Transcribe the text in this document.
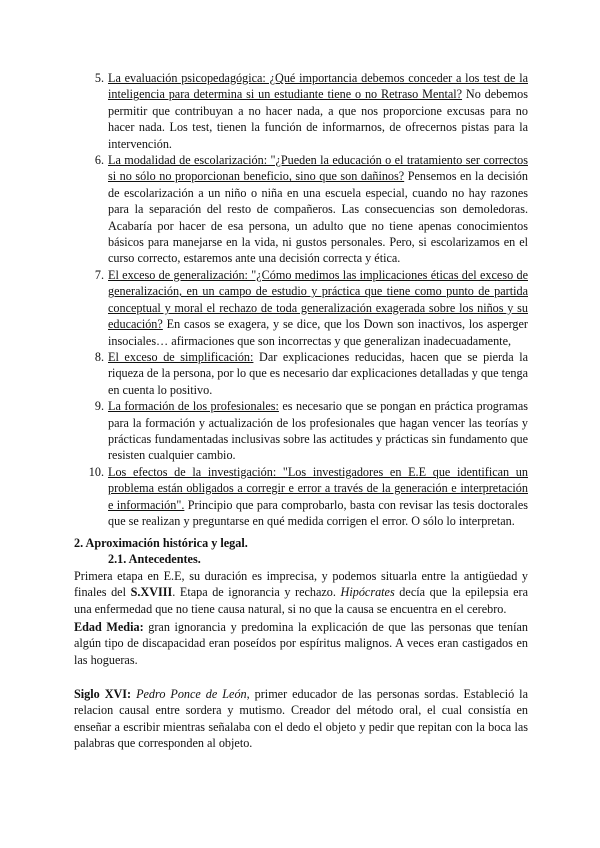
5. La evaluación psicopedagógica: ¿Qué importancia debemos conceder a los test de la inteligencia para determina si un estudiante tiene o no Retraso Mental? No debemos permitir que contribuyan a no hacer nada, a que nos proporcione excusas para no hacer nada. Los test, tienen la función de informarnos, de ofrecernos pistas para la intervención.
6. La modalidad de escolarización: "¿Pueden la educación o el tratamiento ser correctos si no sólo no proporcionan beneficio, sino que son dañinos? Pensemos en la decisión de escolarización a un niño o niña en una escuela especial, cuando no hay razones para la separación del resto de compañeros. Las consecuencias son demoledoras. Acabaría por hacer de esa persona, un adulto que no tiene apenas conocimientos básicos para manejarse en la vida, ni gustos personales. Pero, si escolarizamos en el curso correcto, estaremos ante una decisión correcta y ética.
7. El exceso de generalización: "¿Cómo medimos las implicaciones éticas del exceso de generalización, en un campo de estudio y práctica que tiene como punto de partida conceptual y moral el rechazo de toda generalización exagerada sobre los niños y su educación? En casos se exagera, y se dice, que los Down son inactivos, los asperger insociales… afirmaciones que son incorrectas y que generalizan inadecuadamente,
8. El exceso de simplificación: Dar explicaciones reducidas, hacen que se pierda la riqueza de la persona, por lo que es necesario dar explicaciones detalladas y que tenga en cuenta lo positivo.
9. La formación de los profesionales: es necesario que se pongan en práctica programas para la formación y actualización de los profesionales que hagan vencer las teorías y prácticas fundamentadas inclusivas sobre las actitudes y prácticas sin fundamento que resisten cualquier cambio.
10. Los efectos de la investigación: "Los investigadores en E.E que identifican un problema están obligados a corregir e error a través de la generación e interpretación e información". Principio que para comprobarlo, basta con revisar las tesis doctorales que se realizan y preguntarse en qué medida corrigen el error. O sólo lo interpretan.

2. Aproximación histórica y legal.

2.1. Antecedentes.

Primera etapa en E.E, su duración es imprecisa, y podemos situarla entre la antigüedad y finales del S.XVIII. Etapa de ignorancia y rechazo. Hipócrates decía que la epilepsia era una enfermedad que no tiene causa natural, si no que la causa se encuentra en el cerebro.

Edad Media: gran ignorancia y predomina la explicación de que las personas que tenían algún tipo de discapacidad eran poseídos por espíritus malignos. A veces eran castigados en las hogueras.

Siglo XVI: Pedro Ponce de León, primer educador de las personas sordas. Estableció la relacion causal entre sordera y mutismo. Creador del método oral, el cual consistía en enseñar a escribir mientras señalaba con el dedo el objeto y pedir que repitan con la boca las palabras que corresponden al objeto.
